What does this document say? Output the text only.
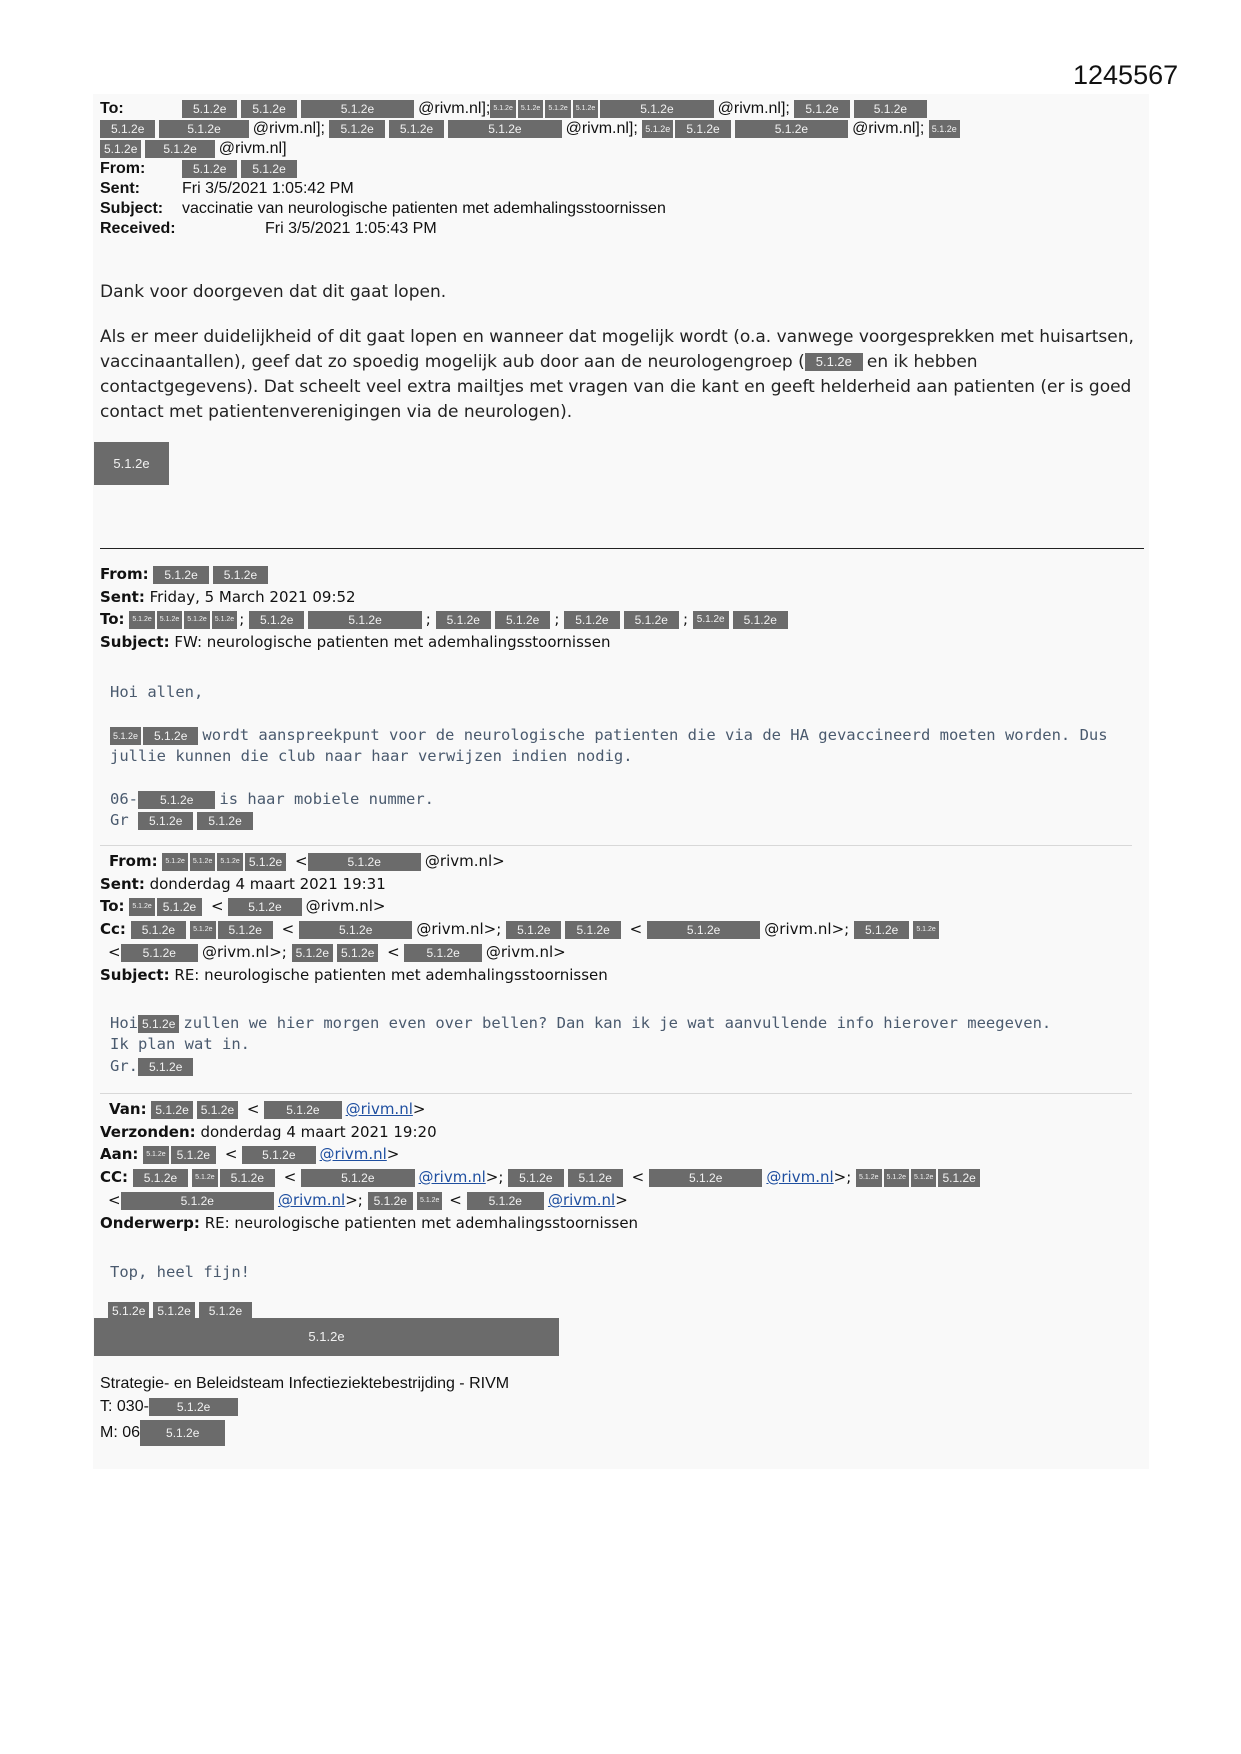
1245567
To:	5.1.2e 5.1.2e	5.1.2e	@rivm.nl]; 5.1.2e 5.1.2e 5.1.2e 5.1.2e	5.1.2e	@rivm.nl]; 5.1.2e	5.1.2e
5.1.2e	5.1.2e @rivm.nl]; 5.1.2e 5.1.2e	5.1.2e	@rivm.nl]; 5.1.2e 5.1.2e	5.1.2e	@rivm.nl]; 5.1.2e
5.1.2e 5.1.2e @rivm.nl]
From:	5.1.2e 5.1.2e
Sent:	Fri 3/5/2021 1:05:42 PM
Subject: vaccinatie van neurologische patienten met ademhalingsstoornissen
Received:	Fri 3/5/2021 1:05:43 PM

Dank voor doorgeven dat dit gaat lopen.

Als er meer duidelijkheid of dit gaat lopen en wanneer dat mogelijk wordt (o.a. vanwege voorgesprekken met huisartsen, vaccinaantallen), geef dat zo spoedig mogelijk aub door aan de neurologengroep ( 5.1.2e en ik hebben contactgegevens). Dat scheelt veel extra mailtjes met vragen van die kant en geeft helderheid aan patienten (er is goed contact met patientenverenigingen via de neurologen).

5.1.2e
From: 5.1.2e 5.1.2e
Sent: Friday, 5 March 2021 09:52
To: 5.1.2e 5.1.2e 5.1.2e 5.1.2e ; 5.1.2e	5.1.2e	; 5.1.2e 5.1.2e ; 5.1.2e 5.1.2e ; 5.1.2e 5.1.2e
Subject: FW: neurologische patienten met ademhalingsstoornissen
Hoi allen,
5.1.2e 5.1.2e wordt aanspreekpunt voor de neurologische patienten die via de HA gevaccineerd moeten worden. Dus
jullie kunnen die club naar haar verwijzen indien nodig.
06- 5.1.2e is haar mobiele nummer.
Gr 5.1.2e 5.1.2e
From: 5.1.2e 5.1.2e 5.1.2e 5.1.2e <	5.1.2e	@rivm.nl>
Sent: donderdag 4 maart 2021 19:31
To: 5.1.2e 5.1.2e < 5.1.2e @rivm.nl>
Cc: 5.1.2e	5.1.2e 5.1.2e <	5.1.2e	@rivm.nl>; 5.1.2e 5.1.2e <	5.1.2e	@rivm.nl>; 5.1.2e	5.1.2e
< 5.1.2e @rivm.nl>; 5.1.2e 5.1.2e < 5.1.2e @rivm.nl>
Subject: RE: neurologische patienten met ademhalingsstoornissen
Hoi 5.1.2e zullen we hier morgen even over bellen? Dan kan ik je wat aanvullende info hierover meegeven.
Ik plan wat in.
Gr. 5.1.2e
Van: 5.1.2e 5.1.2e < 5.1.2e @rivm.nl>
Verzonden: donderdag 4 maart 2021 19:20
Aan: 5.1.2e 5.1.2e < 5.1.2e @rivm.nl>
CC: 5.1.2e	5.1.2e 5.1.2e <	5.1.2e	@rivm.nl>; 5.1.2e 5.1.2e <	5.1.2e	@rivm.nl>; 5.1.2e 5.1.2e 5.1.2e 5.1.2e
<	5.1.2e	@rivm.nl>; 5.1.2e 5.1.2e < 5.1.2e @rivm.nl>
Onderwerp: RE: neurologische patienten met ademhalingsstoornissen
Top, heel fijn!
5.1.2e 5.1.2e 5.1.2e
5.1.2e
Strategie- en Beleidsteam Infectieziektebestrijding - RIVM
T: 030- 5.1.2e
M: 06 5.1.2e
